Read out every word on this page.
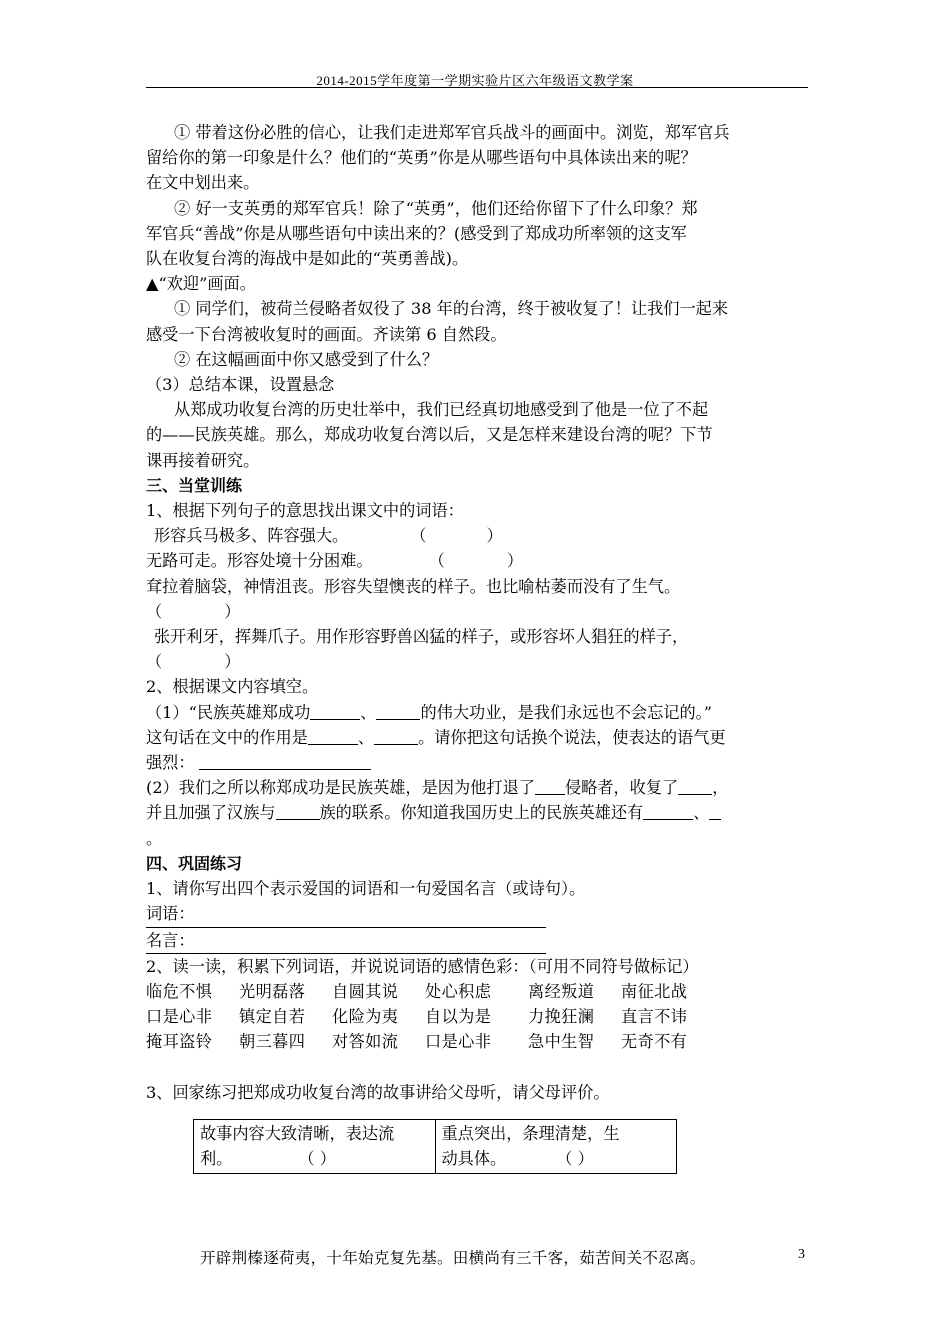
2014-2015学年度第一学期实验片区六年级语文教学案

① 带着这份必胜的信心，让我们走进郑军官兵战斗的画面中。浏览，郑军官兵

留给你的第一印象是什么？他们的“英勇”你是从哪些语句中具体读出来的呢？

在文中划出来。

② 好一支英勇的郑军官兵！除了“英勇”，他们还给你留下了什么印象？郑

军官兵“善战”你是从哪些语句中读出来的？(感受到了郑成功所率领的这支军

队在收复台湾的海战中是如此的“英勇善战)。

▲“欢迎”画面。

① 同学们，被荷兰侵略者奴役了 38 年的台湾，终于被收复了！让我们一起来

感受一下台湾被收复时的画面。齐读第 6 自然段。

② 在这幅画面中你又感受到了什么？

（3）总结本课，设置悬念

从郑成功收复台湾的历史壮举中，我们已经真切地感受到了他是一位了不起

的——民族英雄。那么，郑成功收复台湾以后，又是怎样来建设台湾的呢？下节

课再接着研究。

三、当堂训练

1、根据下列句子的意思找出课文中的词语：

形容兵马极多、阵容强大。	（	）

无路可走。形容处境十分困难。	（	）

耷拉着脑袋，神情沮丧。形容失望懊丧的样子。也比喻枯萎而没有了生气。

（	）

张开利牙，挥舞爪子。用作形容野兽凶猛的样子，或形容坏人猖狂的样子，

（	）

2、根据课文内容填空。

（1）“民族英雄郑成功	、	的伟大功业，是我们永远也不会忘记的。”

这句话在文中的作用是	、	。请你把这句话换个说法，使表达的语气更

强烈：

(2）我们之所以称郑成功是民族英雄，是因为他打退了 侵略者，收复了 ，

并且加强了汉族与	族的联系。你知道我国历史上的民族英雄还有	、

。

四、巩固练习

1、请你写出四个表示爱国的词语和一句爱国名言（或诗句）。

词语：

名言：

2、读一读，积累下列词语，并说说词语的感情色彩：（可用不同符号做标记）

临危不惧 光明磊落 自圆其说 处心积虑 离经叛道 南征北战

口是心非 镇定自若 化险为夷 自以为是 力挽狂澜 直言不讳

掩耳盗铃 朝三暮四 对答如流 口是心非 急中生智 无奇不有

3、回家练习把郑成功收复台湾的故事讲给父母听，请父母评价。

故事内容大致清晰，表达流
利。	（ ）

重点突出，条理清楚，生
动具体。	（ ）
开辟荆榛逐荷夷，十年始克复先基。田横尚有三千客，茹苦间关不忍离。	3
